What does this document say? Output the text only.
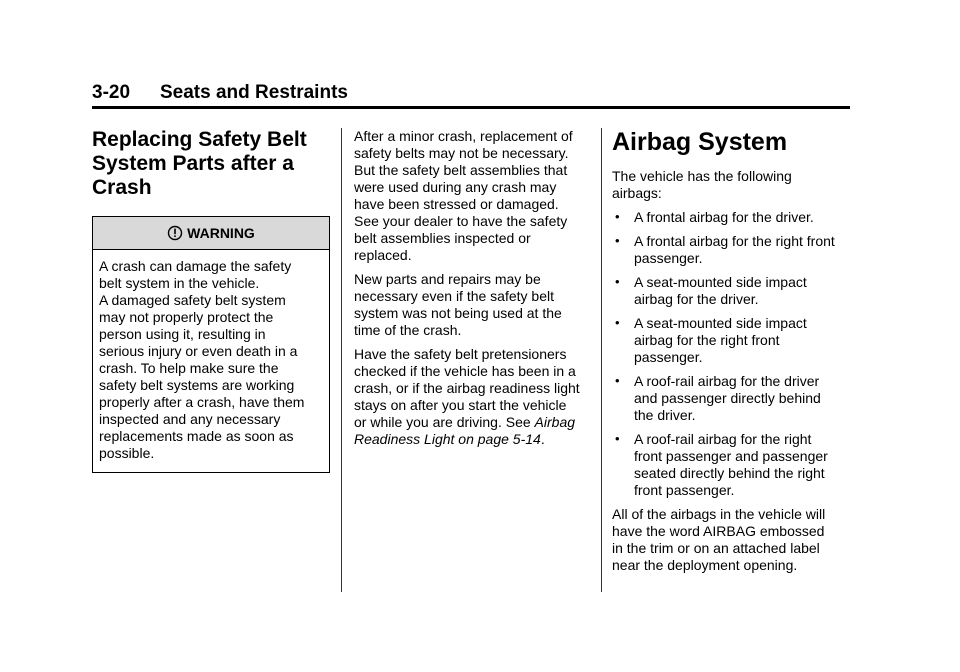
3-20 Seats and Restraints
Replacing Safety Belt
System Parts after a
Crash
WARNING
A crash can damage the safety
belt system in the vehicle.
A damaged safety belt system
may not properly protect the
person using it, resulting in
serious injury or even death in a
crash. To help make sure the
safety belt systems are working
properly after a crash, have them
inspected and any necessary
replacements made as soon as
possible.

After a minor crash, replacement of
safety belts may not be necessary.
But the safety belt assemblies that
were used during any crash may
have been stressed or damaged.
See your dealer to have the safety
belt assemblies inspected or
replaced.

New parts and repairs may be
necessary even if the safety belt
system was not being used at the
time of the crash.

Have the safety belt pretensioners
checked if the vehicle has been in a
crash, or if the airbag readiness light
stays on after you start the vehicle
or while you are driving. See Airbag
Readiness Light on page 5-14.

Airbag System

The vehicle has the following
airbags:

• A frontal airbag for the driver.
• A frontal airbag for the right front
passenger.
• A seat-mounted side impact
airbag for the driver.
• A seat-mounted side impact
airbag for the right front
passenger.
• A roof-rail airbag for the driver
and passenger directly behind
the driver.
• A roof-rail airbag for the right
front passenger and passenger
seated directly behind the right
front passenger.

All of the airbags in the vehicle will
have the word AIRBAG embossed
in the trim or on an attached label
near the deployment opening.
